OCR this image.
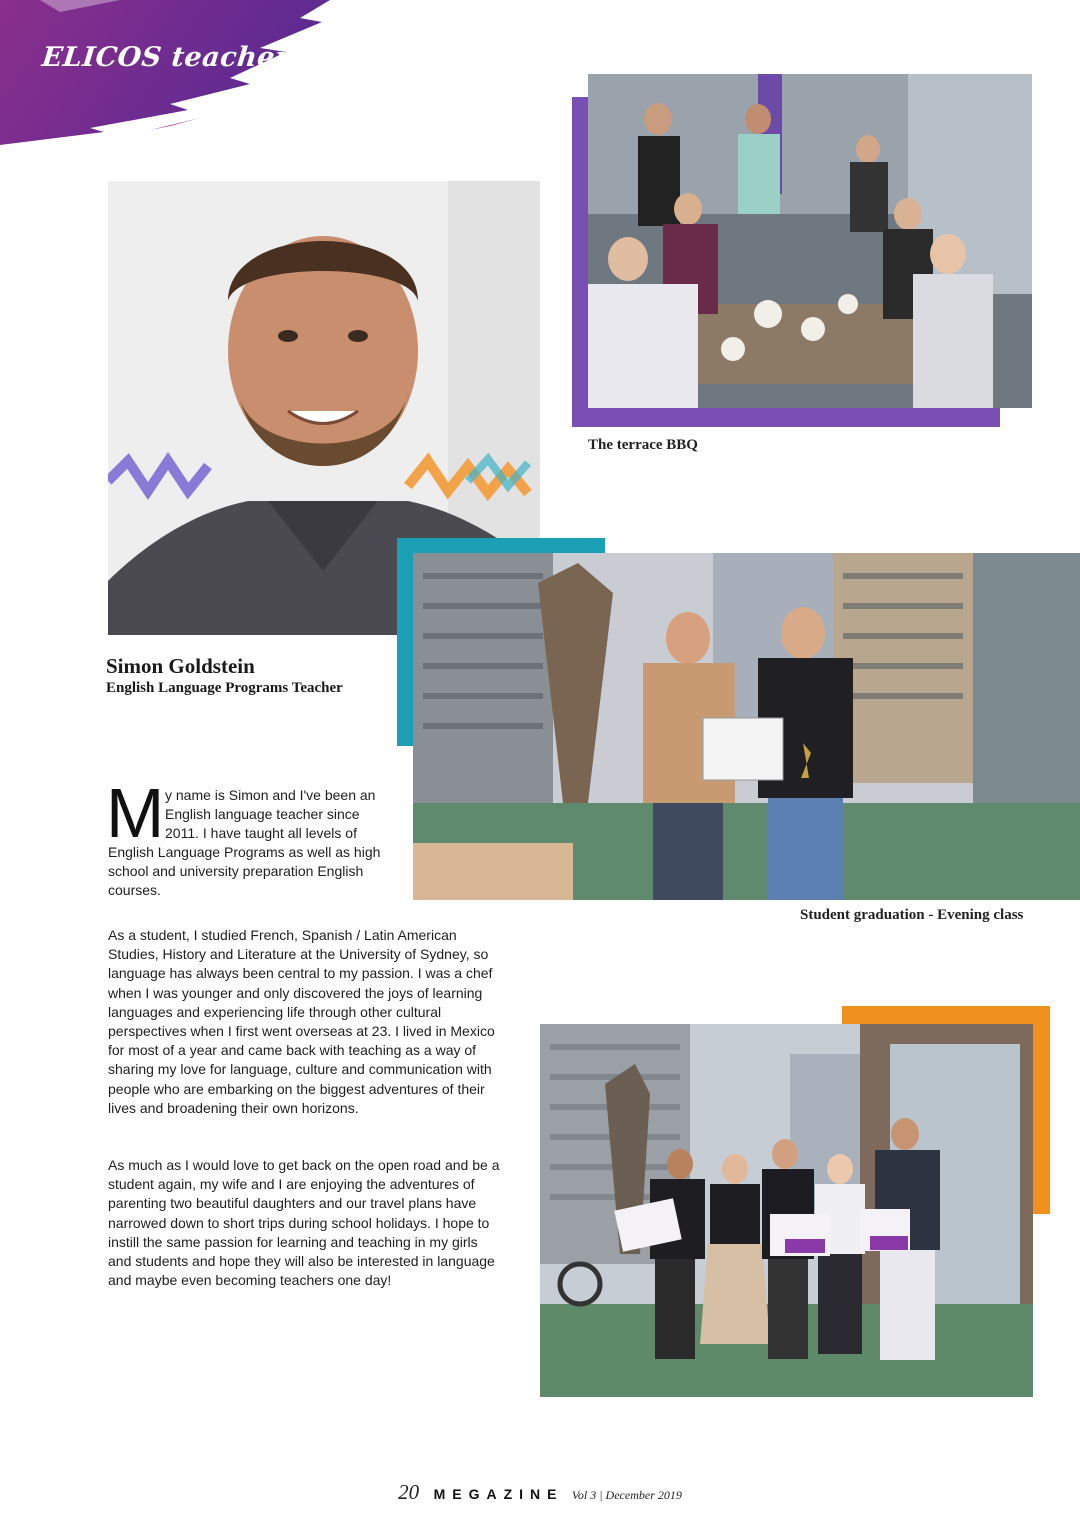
ELICOS teacher
The terrace BBQ
Student graduation - Evening class
Simon Goldstein
English Language Programs Teacher
M y name is Simon and I've been an English language teacher since 2011. I have taught all levels of
English Language Programs as well as high school and university preparation English courses.
As a student, I studied French, Spanish / Latin American Studies, History and Literature at the University of Sydney, so language has always been central to my passion. I was a chef when I was younger and only discovered the joys of learning languages and experiencing life through other cultural perspectives when I first went overseas at 23. I lived in Mexico for most of a year and came back with teaching as a way of sharing my love for language, culture and communication with people who are embarking on the biggest adventures of their lives and broadening their own horizons.
As much as I would love to get back on the open road and be a student again, my wife and I are enjoying the adventures of parenting two beautiful daughters and our travel plans have narrowed down to short trips during school holidays. I hope to instill the same passion for learning and teaching in my girls and students and hope they will also be interested in language and maybe even becoming teachers one day!
20 MEGAZINE Vol 3 | December 2019
